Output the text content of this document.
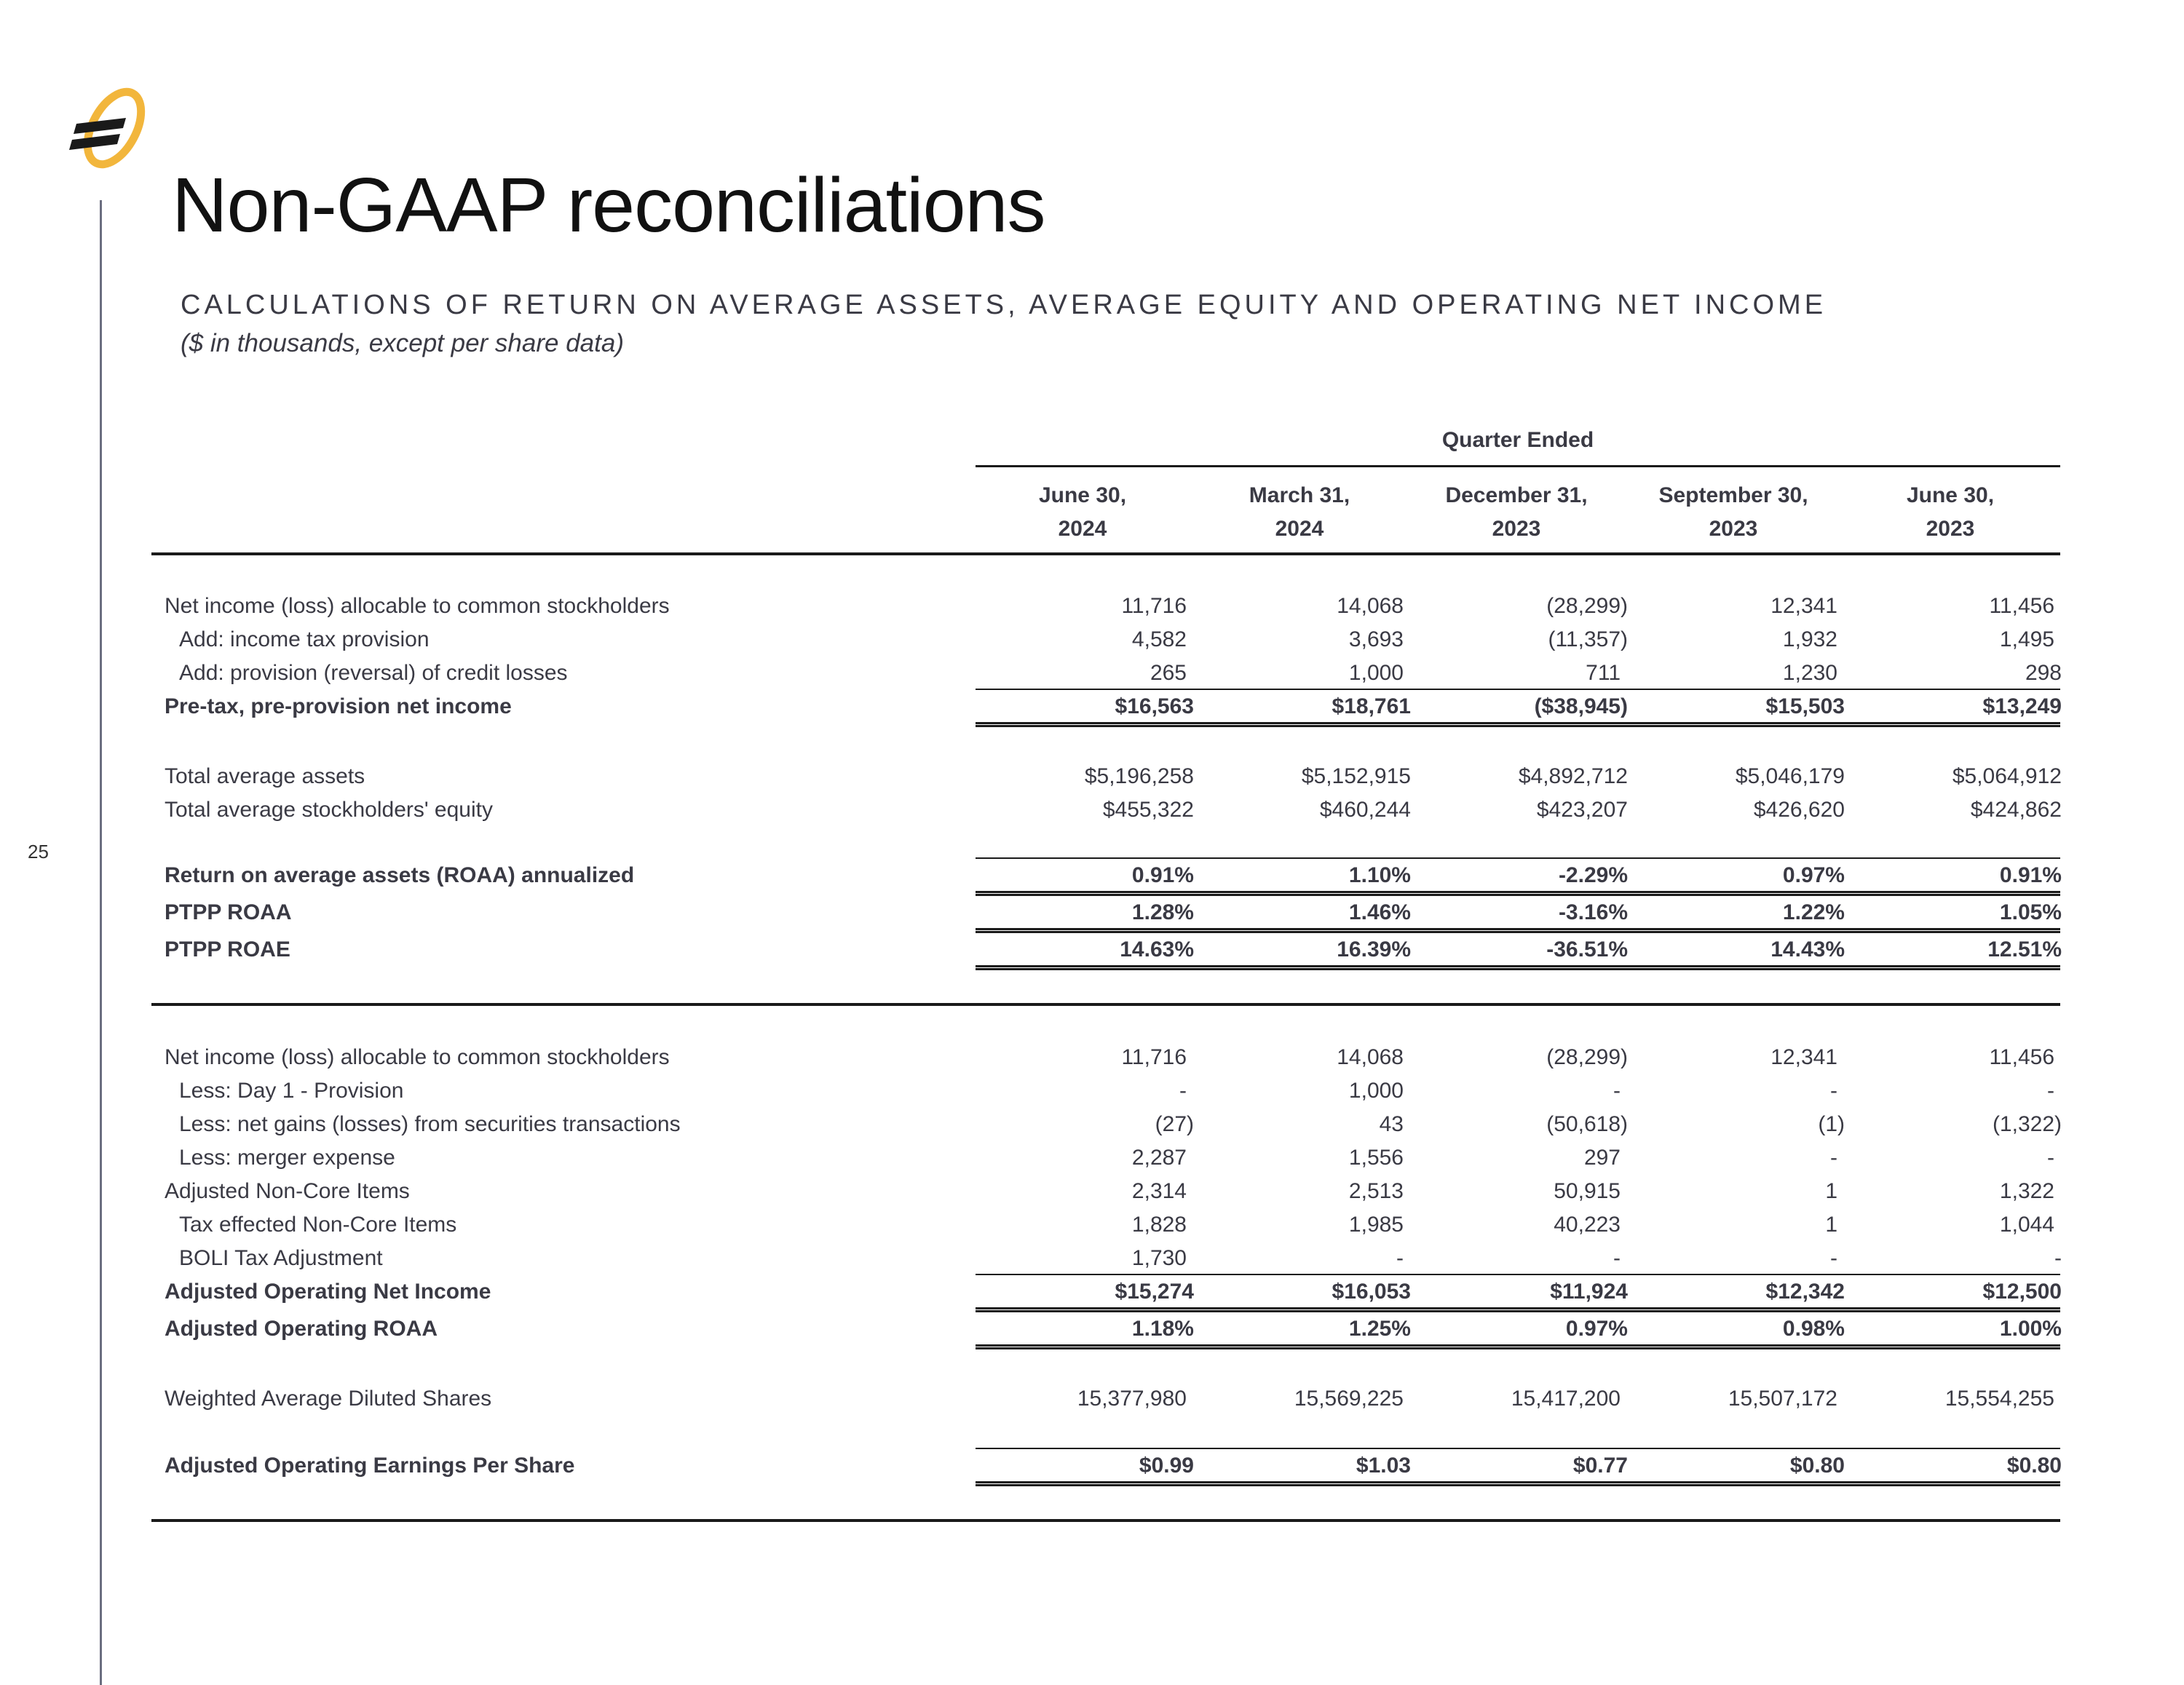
25
Non-GAAP reconciliations
CALCULATIONS OF RETURN ON AVERAGE ASSETS, AVERAGE EQUITY AND OPERATING NET INCOME
($ in thousands, except per share data)
Quarter Ended
June 30,
2024
March 31,
2024
December 31,
2023
September 30,
2023
June 30,
2023
Net income (loss) allocable to common stockholders	11,716	14,068	(28,299)	12,341	11,456
Add: income tax provision	4,582	3,693	(11,357)	1,932	1,495
Add: provision (reversal) of credit losses	265	1,000	711	1,230	298
Pre-tax, pre-provision net income	$16,563	$18,761	($38,945)	$15,503	$13,249
Total average assets	$5,196,258	$5,152,915	$4,892,712	$5,046,179	$5,064,912
Total average stockholders' equity	$455,322	$460,244	$423,207	$426,620	$424,862
Return on average assets (ROAA) annualized	0.91%	1.10%	-2.29%	0.97%	0.91%
PTPP ROAA	1.28%	1.46%	-3.16%	1.22%	1.05%
PTPP ROAE	14.63%	16.39%	-36.51%	14.43%	12.51%
Net income (loss) allocable to common stockholders	11,716	14,068	(28,299)	12,341	11,456
Less: Day 1 - Provision	-	1,000	-	-	-
Less: net gains (losses) from securities transactions	(27)	43	(50,618)	(1)	(1,322)
Less: merger expense	2,287	1,556	297	-	-
Adjusted Non-Core Items	2,314	2,513	50,915	1	1,322
Tax effected Non-Core Items	1,828	1,985	40,223	1	1,044
BOLI Tax Adjustment	1,730	-	-	-	-
Adjusted Operating Net Income	$15,274	$16,053	$11,924	$12,342	$12,500
Adjusted Operating ROAA	1.18%	1.25%	0.97%	0.98%	1.00%
Weighted Average Diluted Shares	15,377,980	15,569,225	15,417,200	15,507,172	15,554,255
Adjusted Operating Earnings Per Share	$0.99	$1.03	$0.77	$0.80	$0.80
